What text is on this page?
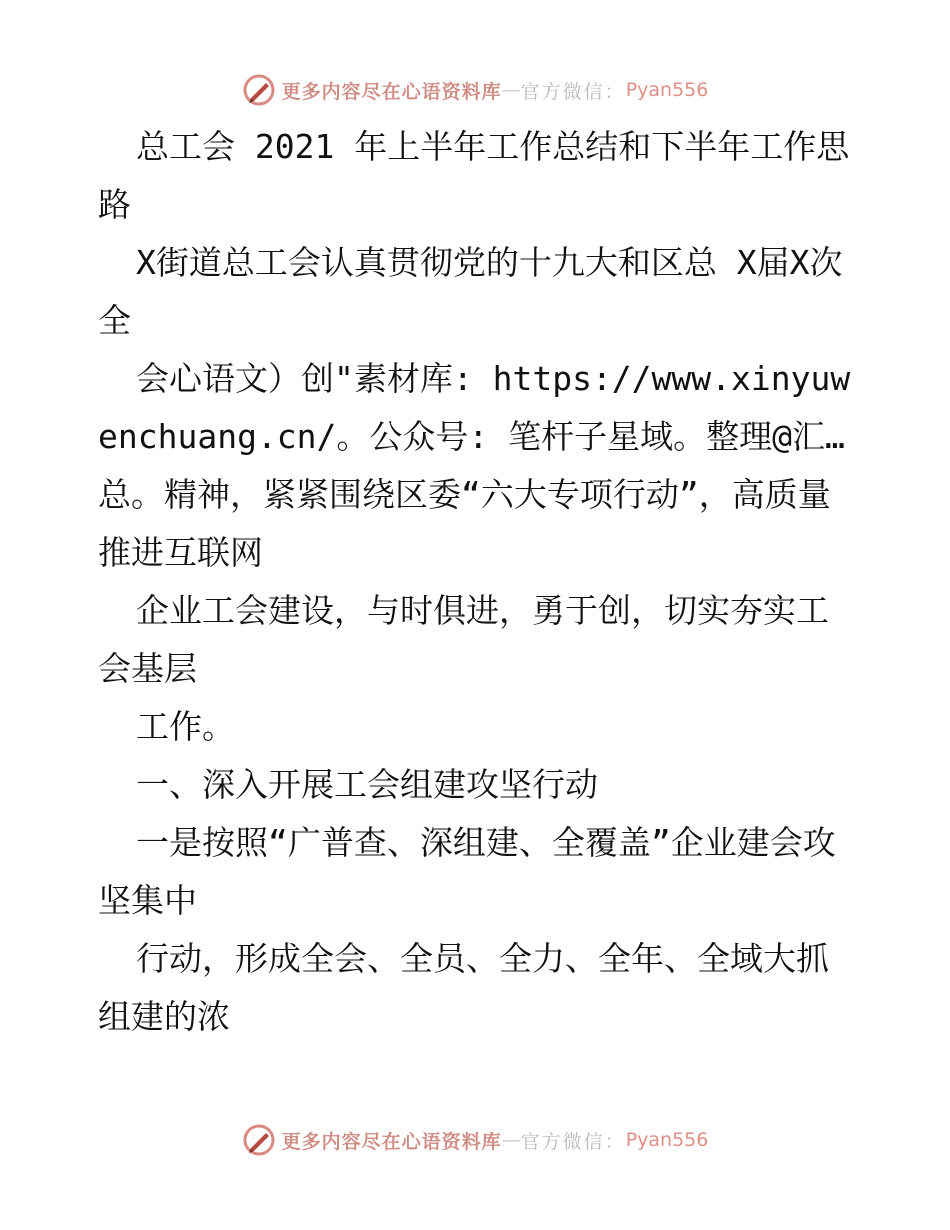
更多内容尽在心语资料库 — 官方微信： Pyan556

总工会 2021 年上半年工作总结和下半年工作思路

X街道总工会认真贯彻党的十九大和区总 X届X次全

会心语文）创"素材库: https://www.xinyuwenchuang.cn/。公众号: 笔杆子星域。整理@汇…总。精神，紧紧围绕区委“六大专项行动”，高质量推进互联网

企业工会建设，与时俱进，勇于创，切实夯实工会基层

工作。

一、深入开展工会组建攻坚行动

一是按照“广普查、深组建、全覆盖”企业建会攻坚集中

行动，形成全会、全员、全力、全年、全域大抓组建的浓

更多内容尽在心语资料库 — 官方微信： Pyan556
